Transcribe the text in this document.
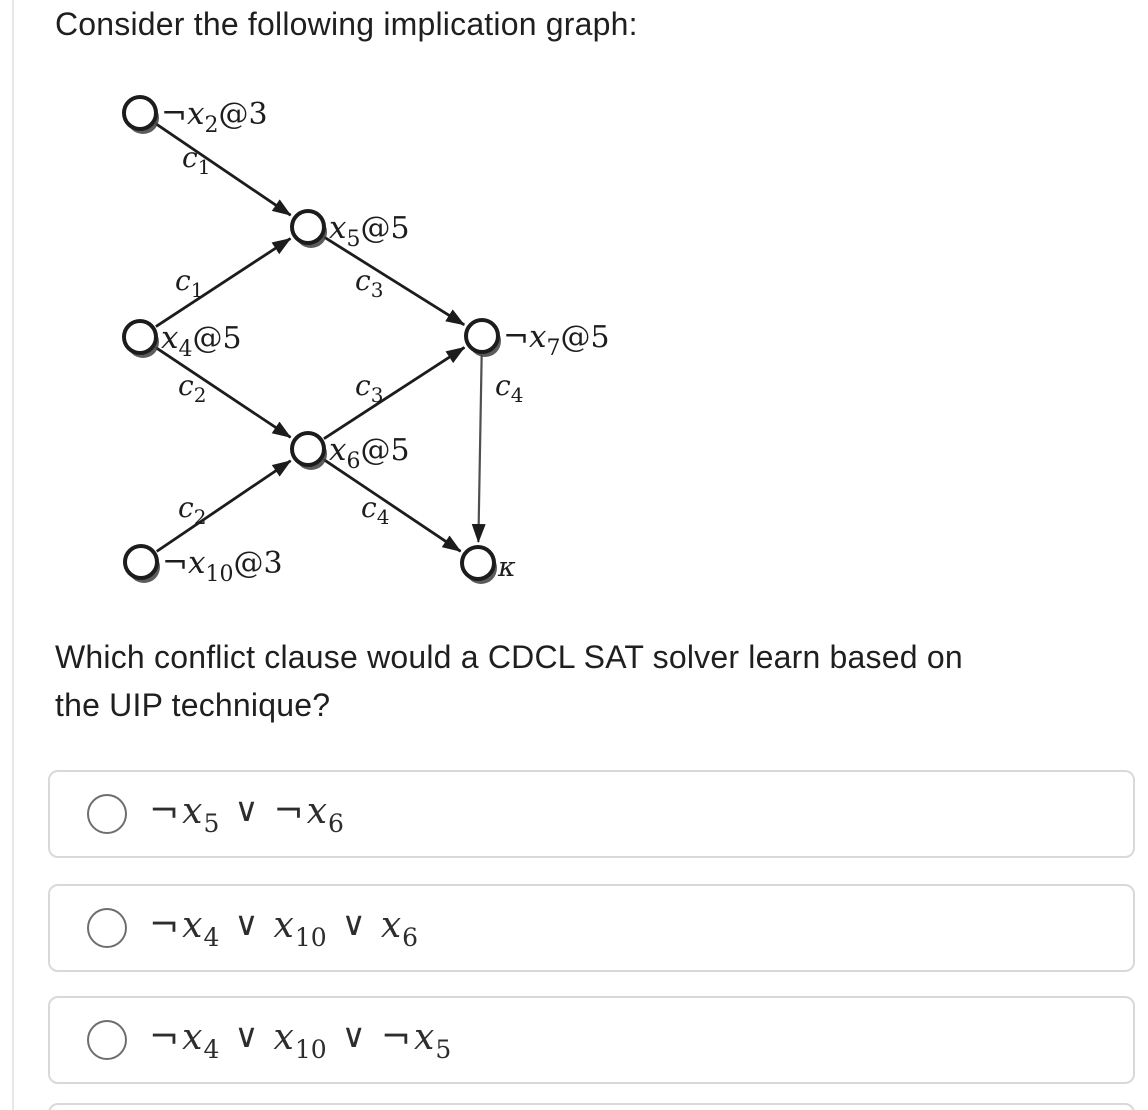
Consider the following implication graph:
$c_1$
$c_1$	$c_3$
$c_2$	$c_3$
$c_2$	$c_4$
$c_4$
$\neg x_2@3$
$x_5@5$
$x_4@5$	$\neg x_7@5$
$x_6@5$
$\neg x_{10}@3$	κ
Which conflict clause would a CDCL SAT solver learn based on
the UIP technique?
¬ x 5 ∨ ¬ x 6
¬ x 4 ∨ x 10 ∨ x 6
¬ x 4 ∨ x 10 ∨ ¬ x 5
